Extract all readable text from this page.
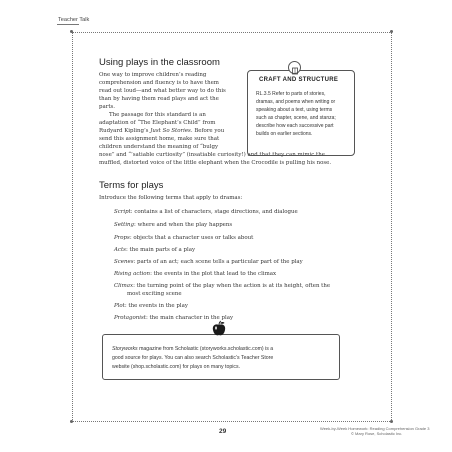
Teacher Talk
Using plays in the classroom
One way to improve children’s reading
comprehension and fluency is to have them
read out loud—and what better way to do this
than by having them read plays and act the
parts.
The passage for this standard is an
adaptation of “The Elephant’s Child” from
Rudyard Kipling’s Just So Stories. Before you
send this assignment home, make sure that
children understand the meaning of “bulgy
nose” and “’satiable curtiosity” (insatiable curiosity!) and that they can mimic the
muffled, distorted voice of the little elephant when the Crocodile is pulling his nose.
CRAFT AND STRUCTURE
RL.3.5 Refer to parts of stories,
dramas, and poems when writing or
speaking about a text, using terms
such as chapter, scene, and stanza;
describe how each successive part
builds on earlier sections.
Terms for plays
Introduce the following terms that apply to dramas:
Script: contains a list of characters, stage directions, and dialogue
Setting: where and when the play happens
Props: objects that a character uses or talks about
Acts: the main parts of a play
Scenes: parts of an act; each scene tells a particular part of the play
Rising action: the events in the plot that lead to the climax
Climax: the turning point of the play when the action is at its height, often the
most exciting scene
Plot: the events in the play
Protagonist: the main character in the play
Storyworks magazine from Scholastic (storyworks.scholastic.com) is a
good source for plays. You can also search Scholastic’s Teacher Store
website (shop.scholastic.com) for plays on many topics.
29	Week-by-Week Homework: Reading Comprehension Grade 3
© Mary Rose, Scholastic Inc.
